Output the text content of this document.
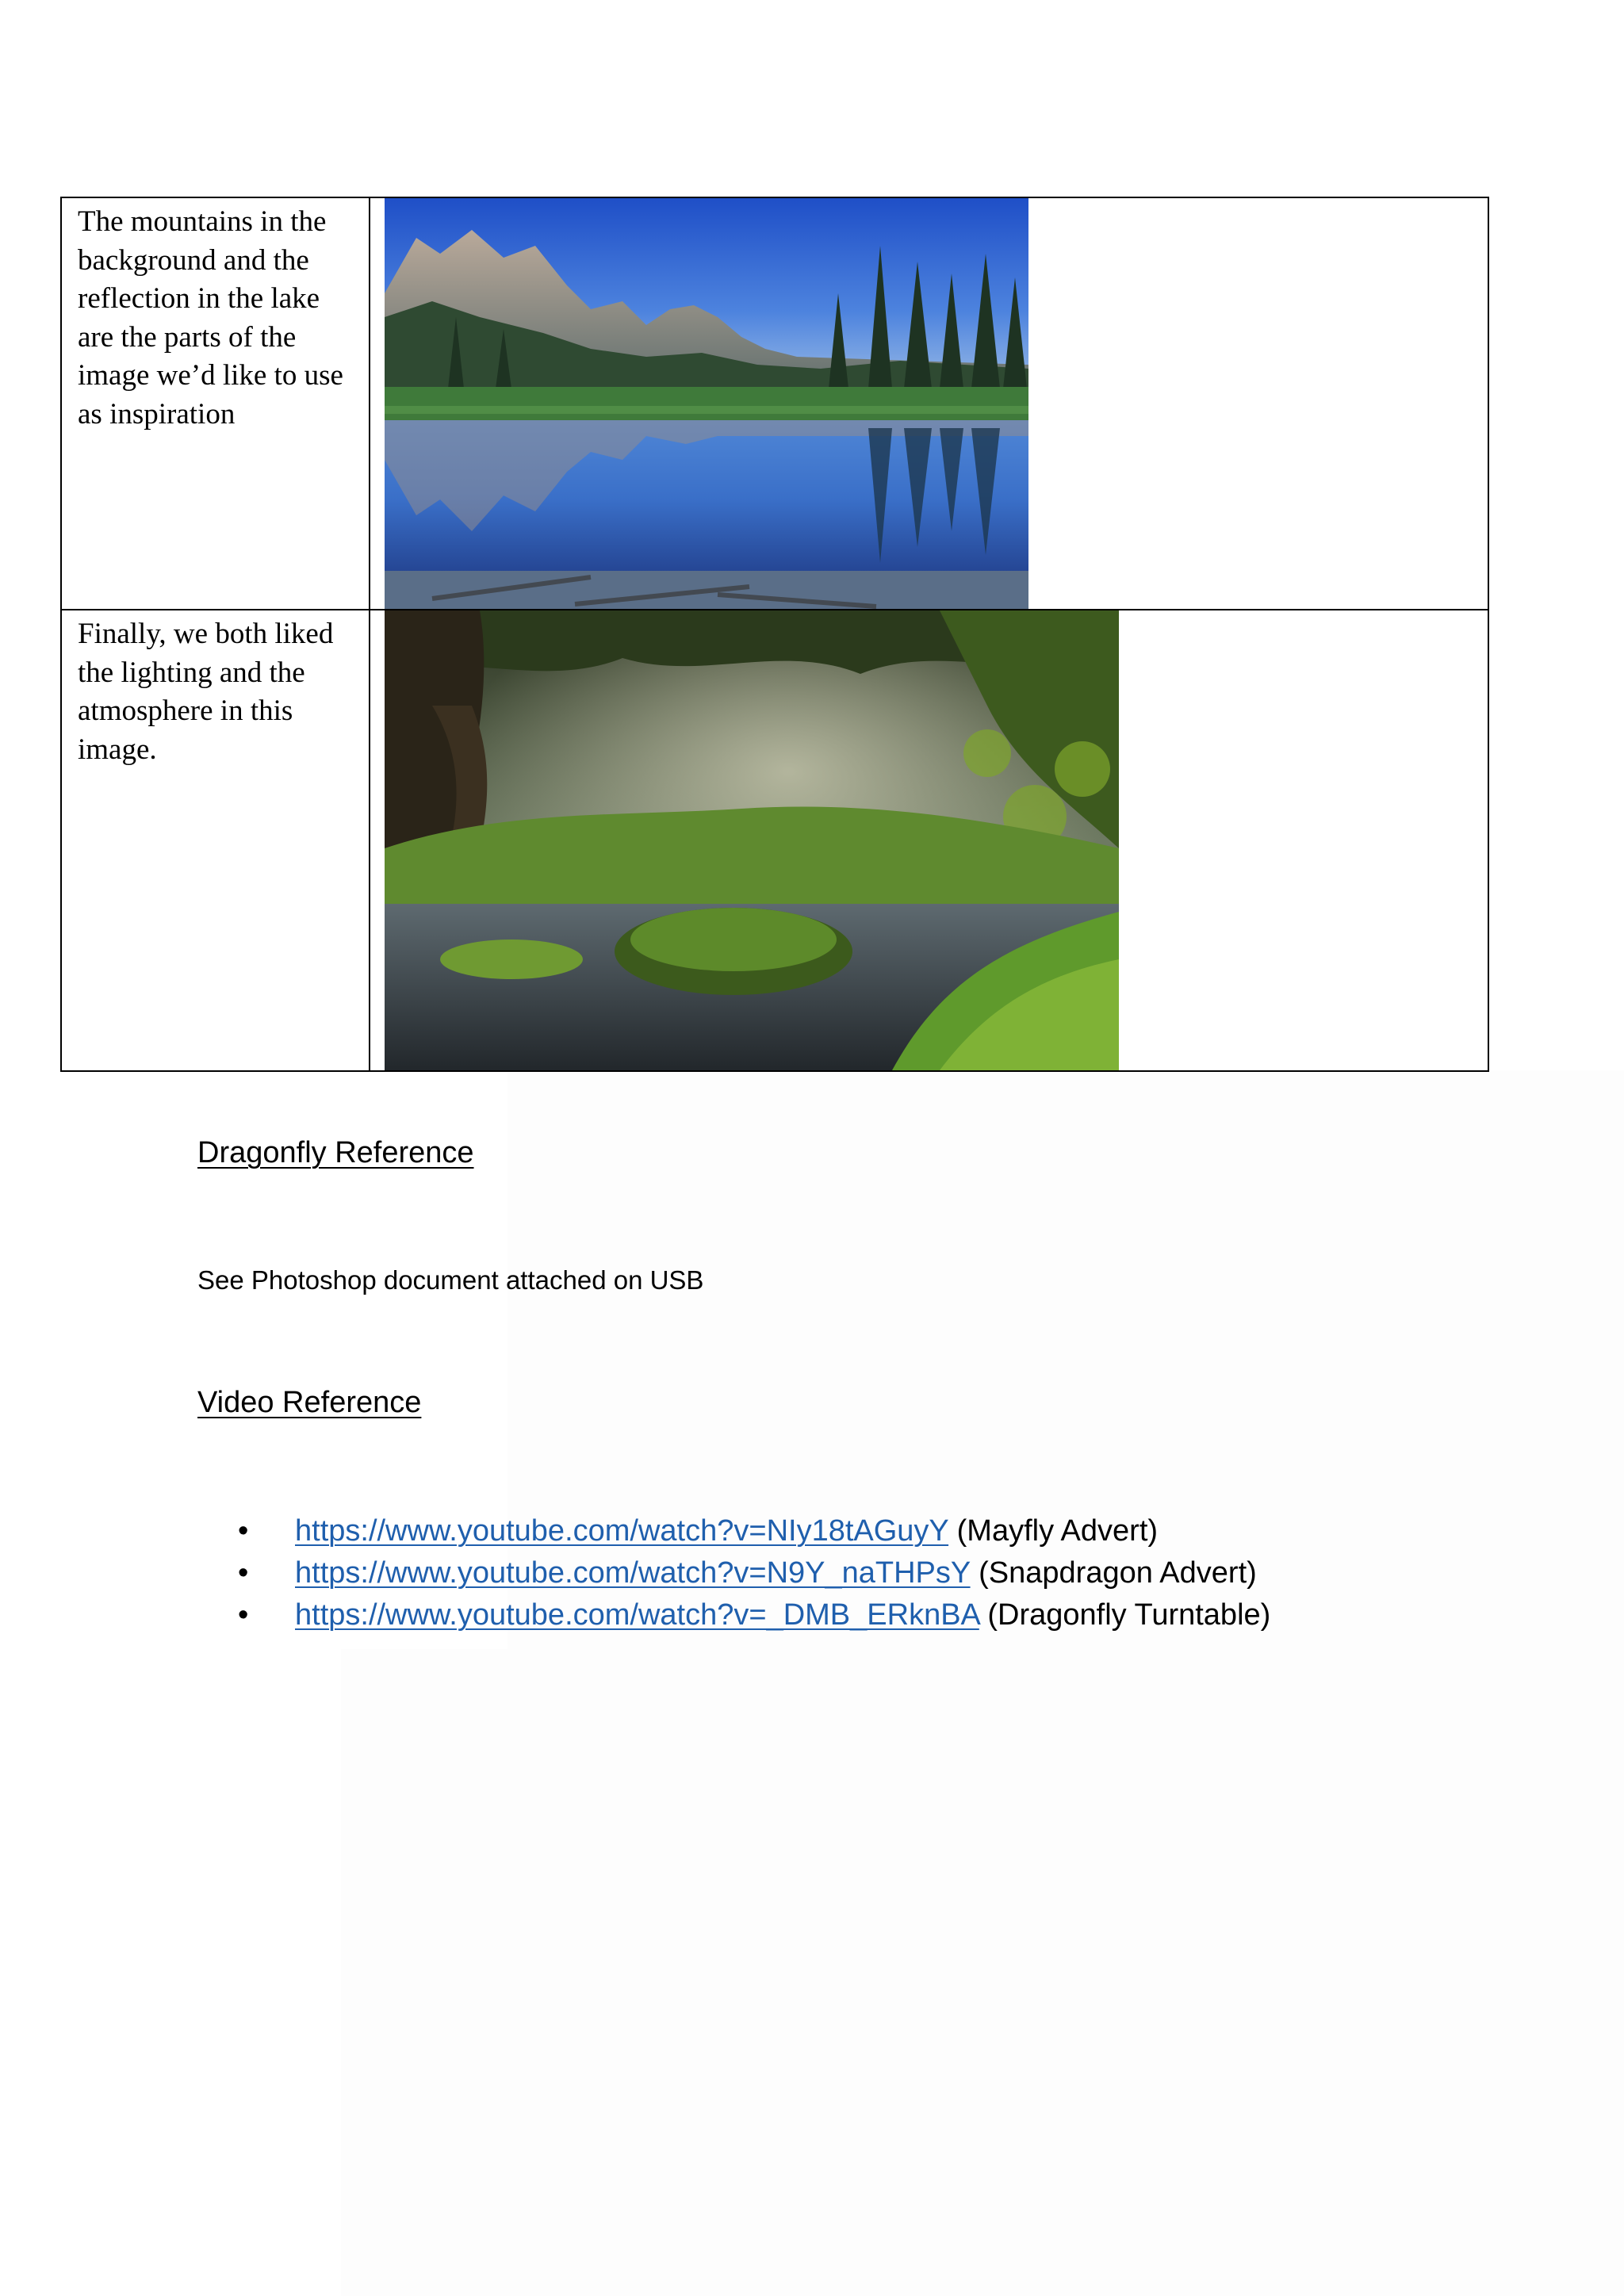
The mountains in the background and the reflection in the lake are the parts of the image we’d like to use as inspiration	

Finally, we both liked the lighting and the atmosphere in this image.	
Dragonfly Reference
See Photoshop document attached on USB
Video Reference
• https://www.youtube.com/watch?v=NIy18tAGuyY (Mayfly Advert)
• https://www.youtube.com/watch?v=N9Y_naTHPsY (Snapdragon Advert)
• https://www.youtube.com/watch?v=_DMB_ERknBA (Dragonfly Turntable)
